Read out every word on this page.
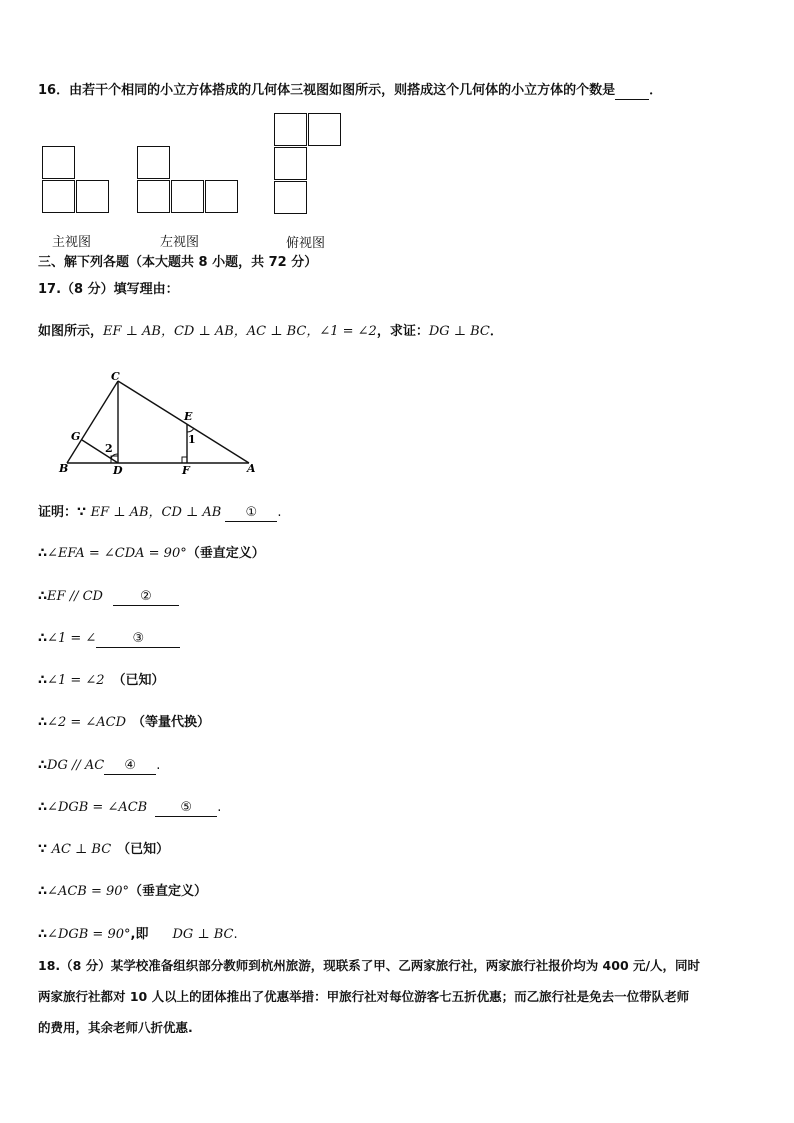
16．由若干个相同的小立方体搭成的几何体三视图如图所示，则搭成这个几何体的小立方体的个数是	．
主视图	左视图	俯视图
三、解下列各题（本大题共 8 小题，共 72 分）
17.（8 分）填写理由：
如图所示，EF ⊥ AB，CD ⊥ AB，AC ⊥ BC，∠1 = ∠2，求证：DG ⊥ BC．
C
E
G
2
1
B	D	F	A
证明：∵ EF ⊥ AB，CD ⊥ AB ① .
∴∠EFA = ∠CDA = 90°（垂直定义）
∴EF // CD	②
∴∠1 = ∠	③
∴∠1 = ∠2 （已知）
∴∠2 = ∠ACD （等量代换）
∴DG // AC ④ .
∴∠DGB = ∠ACB	⑤ .
∵ AC ⊥ BC （已知）
∴∠ACB = 90°（垂直定义）
∴∠DGB = 90°,即 DG ⊥ BC.
18.（8 分）某学校准备组织部分教师到杭州旅游，现联系了甲、乙两家旅行社，两家旅行社报价均为 400 元/人，同时
两家旅行社都对 10 人以上的团体推出了优惠举措：甲旅行社对每位游客七五折优惠；而乙旅行社是免去一位带队老师
的费用，其余老师八折优惠.
